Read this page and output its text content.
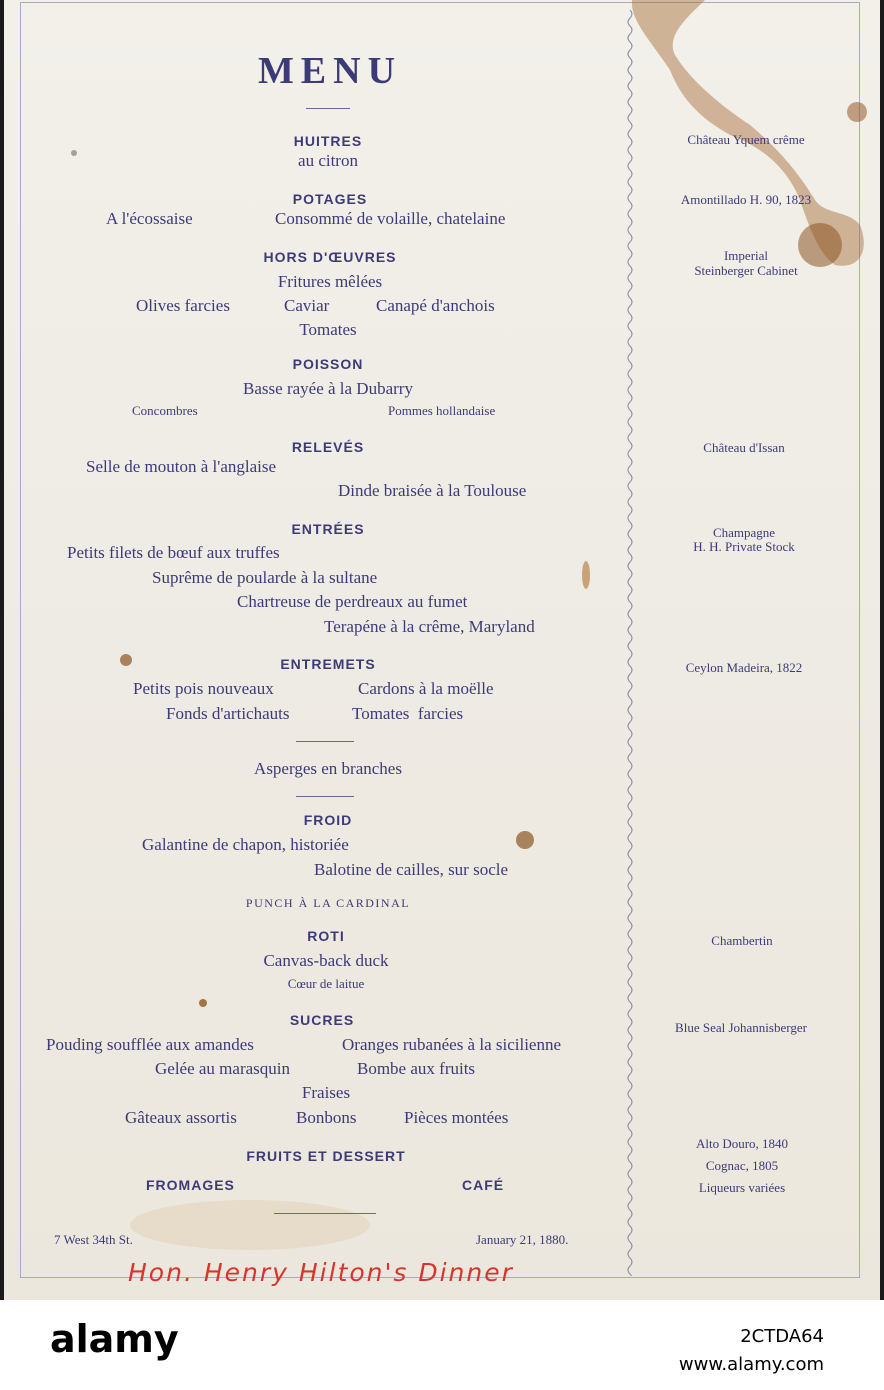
MENU
HUITRES
au citron
POTAGES
A l'écossaise	Consommé de volaille, chatelaine
HORS D'ŒUVRES
Fritures mêlées
Olives farcies	Caviar	Canapé d'anchois
Tomates
POISSON
Basse rayée à la Dubarry
Concombres	Pommes hollandaise
RELEVÉS
Selle de mouton à l'anglaise
Dinde braisée à la Toulouse
ENTRÉES
Petits filets de bœuf aux truffes
Suprême de poularde à la sultane
Chartreuse de perdreaux au fumet
Terapéne à la crême, Maryland
ENTREMETS
Petits pois nouveaux	Cardons à la moëlle
Fonds d'artichauts	Tomates  farcies
Asperges en branches
FROID
Galantine de chapon, historiée
Balotine de cailles, sur socle
PUNCH À LA CARDINAL
ROTI
Canvas-back duck
Cœur de laitue
SUCRES
Pouding soufflée aux amandes	Oranges rubanées à la sicilienne
Gelée au marasquin	Bombe aux fruits
Fraises
Gâteaux assortis	Bonbons	Pièces montées
FRUITS ET DESSERT
FROMAGES	CAFÉ
7 West 34th St.	January 21, 1880.
Château Yquem crême
Amontillado H. 90, 1823
Imperial
Steinberger Cabinet
Château d'Issan
Champagne
H. H. Private Stock
Ceylon Madeira, 1822
Chambertin
Blue Seal Johannisberger
Alto Douro, 1840
Cognac, 1805
Liqueurs variées
Hon. Henry Hilton's Dinner
alamy	2CTDA64
www.alamy.com
